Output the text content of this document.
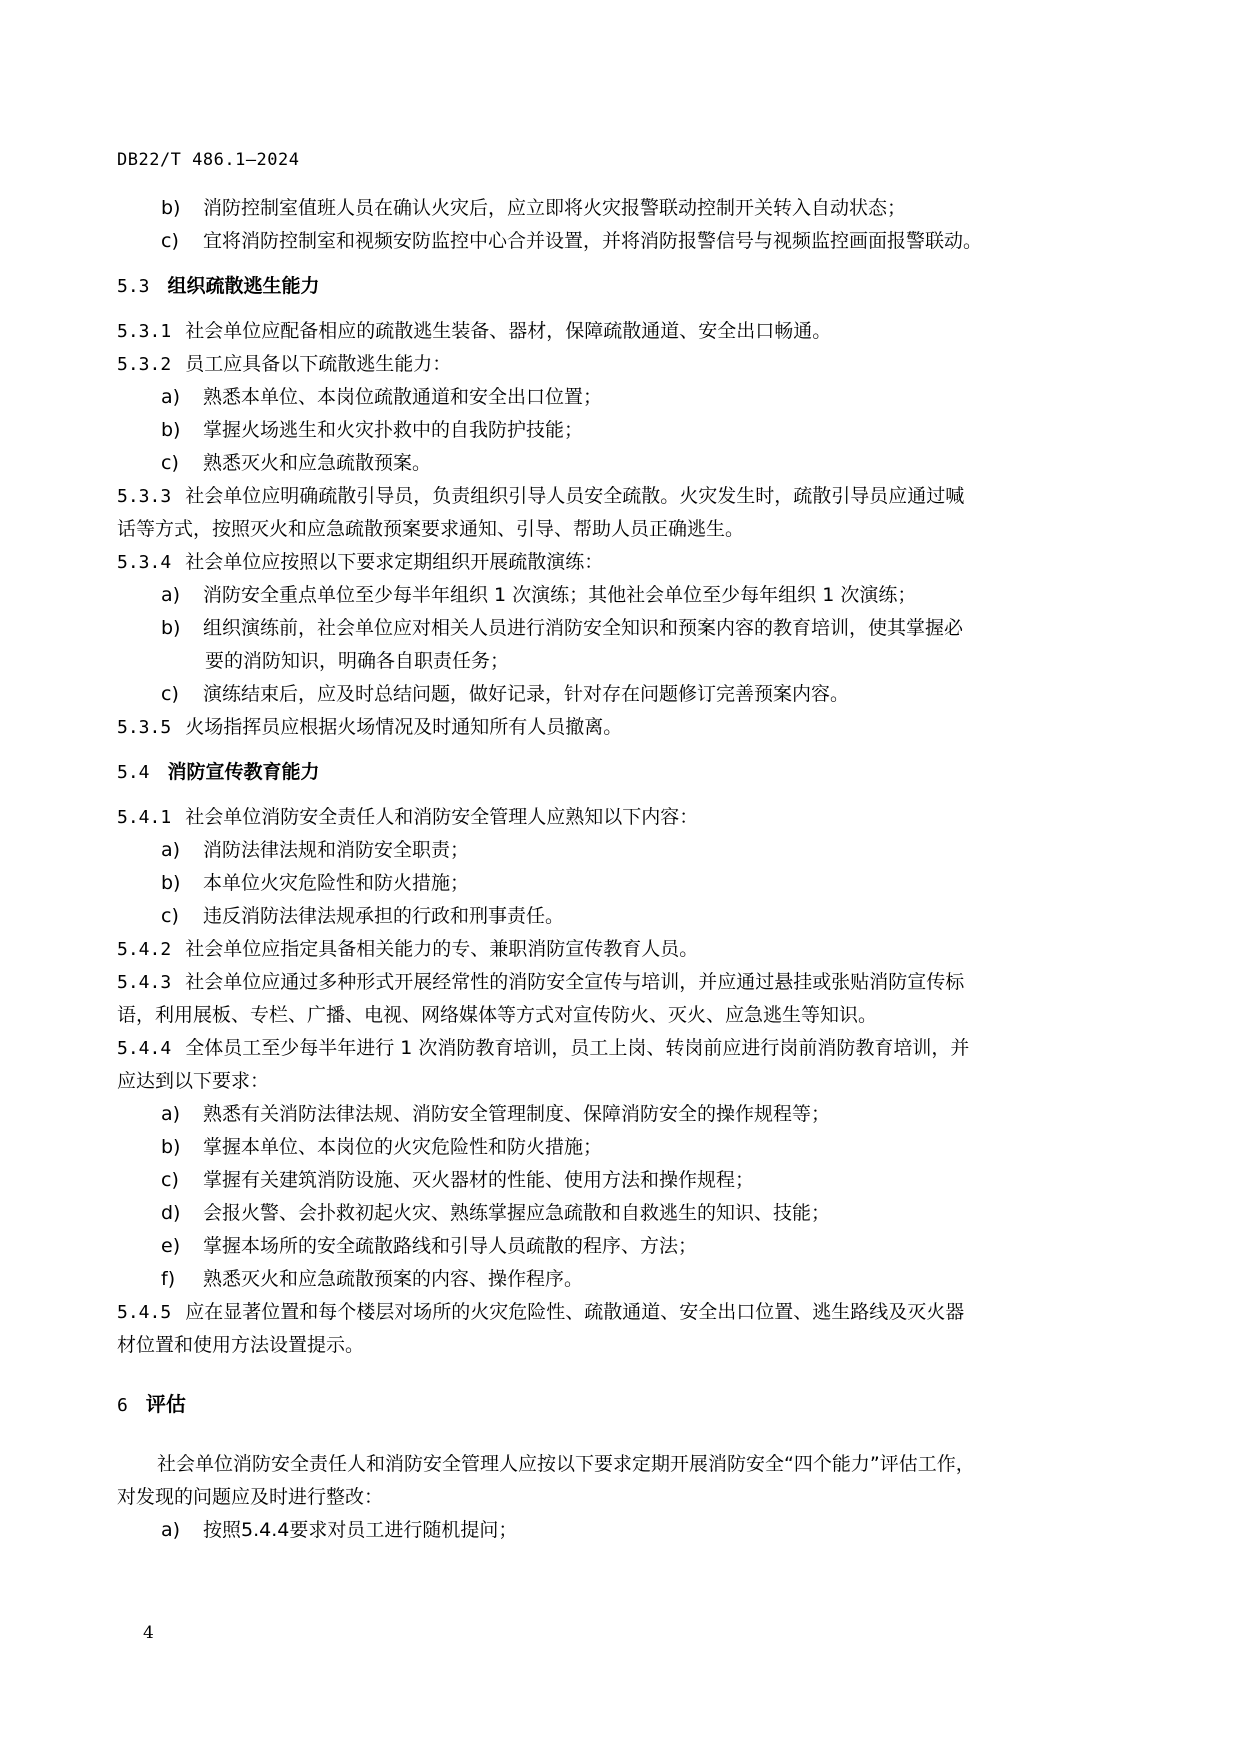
DB22/T 486.1—2024
b) 消防控制室值班人员在确认火灾后，应立即将火灾报警联动控制开关转入自动状态；
c) 宜将消防控制室和视频安防监控中心合并设置，并将消防报警信号与视频监控画面报警联动。
5.3 组织疏散逃生能力
5.3.1 社会单位应配备相应的疏散逃生装备、器材，保障疏散通道、安全出口畅通。
5.3.2 员工应具备以下疏散逃生能力：
a) 熟悉本单位、本岗位疏散通道和安全出口位置；
b) 掌握火场逃生和火灾扑救中的自我防护技能；
c) 熟悉灭火和应急疏散预案。
5.3.3 社会单位应明确疏散引导员，负责组织引导人员安全疏散。火灾发生时，疏散引导员应通过喊
话等方式，按照灭火和应急疏散预案要求通知、引导、帮助人员正确逃生。
5.3.4 社会单位应按照以下要求定期组织开展疏散演练：
a) 消防安全重点单位至少每半年组织 1 次演练；其他社会单位至少每年组织 1 次演练；
b) 组织演练前，社会单位应对相关人员进行消防安全知识和预案内容的教育培训，使其掌握必
要的消防知识，明确各自职责任务；
c) 演练结束后，应及时总结问题，做好记录，针对存在问题修订完善预案内容。
5.3.5 火场指挥员应根据火场情况及时通知所有人员撤离。
5.4 消防宣传教育能力
5.4.1 社会单位消防安全责任人和消防安全管理人应熟知以下内容：
a) 消防法律法规和消防安全职责；
b) 本单位火灾危险性和防火措施；
c) 违反消防法律法规承担的行政和刑事责任。
5.4.2 社会单位应指定具备相关能力的专、兼职消防宣传教育人员。
5.4.3 社会单位应通过多种形式开展经常性的消防安全宣传与培训，并应通过悬挂或张贴消防宣传标
语，利用展板、专栏、广播、电视、网络媒体等方式对宣传防火、灭火、应急逃生等知识。
5.4.4 全体员工至少每半年进行 1 次消防教育培训，员工上岗、转岗前应进行岗前消防教育培训，并
应达到以下要求：
a) 熟悉有关消防法律法规、消防安全管理制度、保障消防安全的操作规程等；
b) 掌握本单位、本岗位的火灾危险性和防火措施；
c) 掌握有关建筑消防设施、灭火器材的性能、使用方法和操作规程；
d) 会报火警、会扑救初起火灾、熟练掌握应急疏散和自救逃生的知识、技能；
e) 掌握本场所的安全疏散路线和引导人员疏散的程序、方法；
f) 熟悉灭火和应急疏散预案的内容、操作程序。
5.4.5 应在显著位置和每个楼层对场所的火灾危险性、疏散通道、安全出口位置、逃生路线及灭火器
材位置和使用方法设置提示。
6 评估
社会单位消防安全责任人和消防安全管理人应按以下要求定期开展消防安全“四个能力”评估工作，
对发现的问题应及时进行整改：
a) 按照5.4.4要求对员工进行随机提问；
4
